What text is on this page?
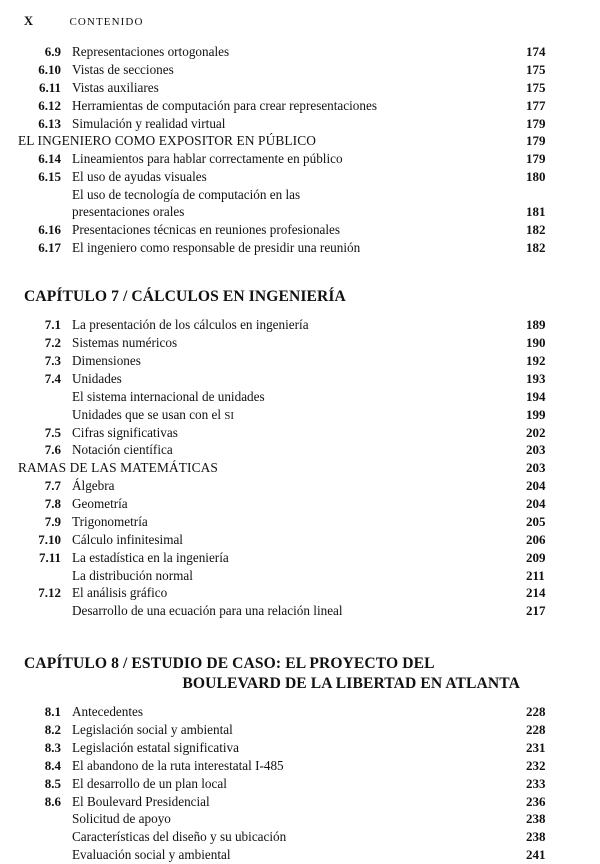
X	CONTENIDO
6.9 Representaciones ortogonales	174
6.10 Vistas de secciones	175
6.11 Vistas auxiliares	175
6.12 Herramientas de computación para crear representaciones	177
6.13 Simulación y realidad virtual	179
EL INGENIERO COMO EXPOSITOR EN PÚBLICO	179
6.14 Lineamientos para hablar correctamente en público	179
6.15 El uso de ayudas visuales	180
El uso de tecnología de computación en las
presentaciones orales	181
6.16 Presentaciones técnicas en reuniones profesionales	182
6.17 El ingeniero como responsable de presidir una reunión	182
CAPÍTULO 7 / CÁLCULOS EN INGENIERÍA
7.1 La presentación de los cálculos en ingeniería	189
7.2 Sistemas numéricos	190
7.3 Dimensiones	192
7.4 Unidades	193
El sistema internacional de unidades	194
Unidades que se usan con el SI	199
7.5 Cifras significativas	202
7.6 Notación científica	203
RAMAS DE LAS MATEMÁTICAS	203
7.7 Álgebra	204
7.8 Geometría	204
7.9 Trigonometría	205
7.10 Cálculo infinitesimal	206
7.11 La estadística en la ingeniería	209
La distribución normal	211
7.12 El análisis gráfico	214
Desarrollo de una ecuación para una relación lineal	217
CAPÍTULO 8 / ESTUDIO DE CASO: EL PROYECTO DEL
BOULEVARD DE LA LIBERTAD EN ATLANTA
8.1 Antecedentes	228
8.2 Legislación social y ambiental	228
8.3 Legislación estatal significativa	231
8.4 El abandono de la ruta interestatal I-485	232
8.5 El desarrollo de un plan local	233
8.6 El Boulevard Presidencial	236
Solicitud de apoyo	238
Características del diseño y su ubicación	238
Evaluación social y ambiental	241
